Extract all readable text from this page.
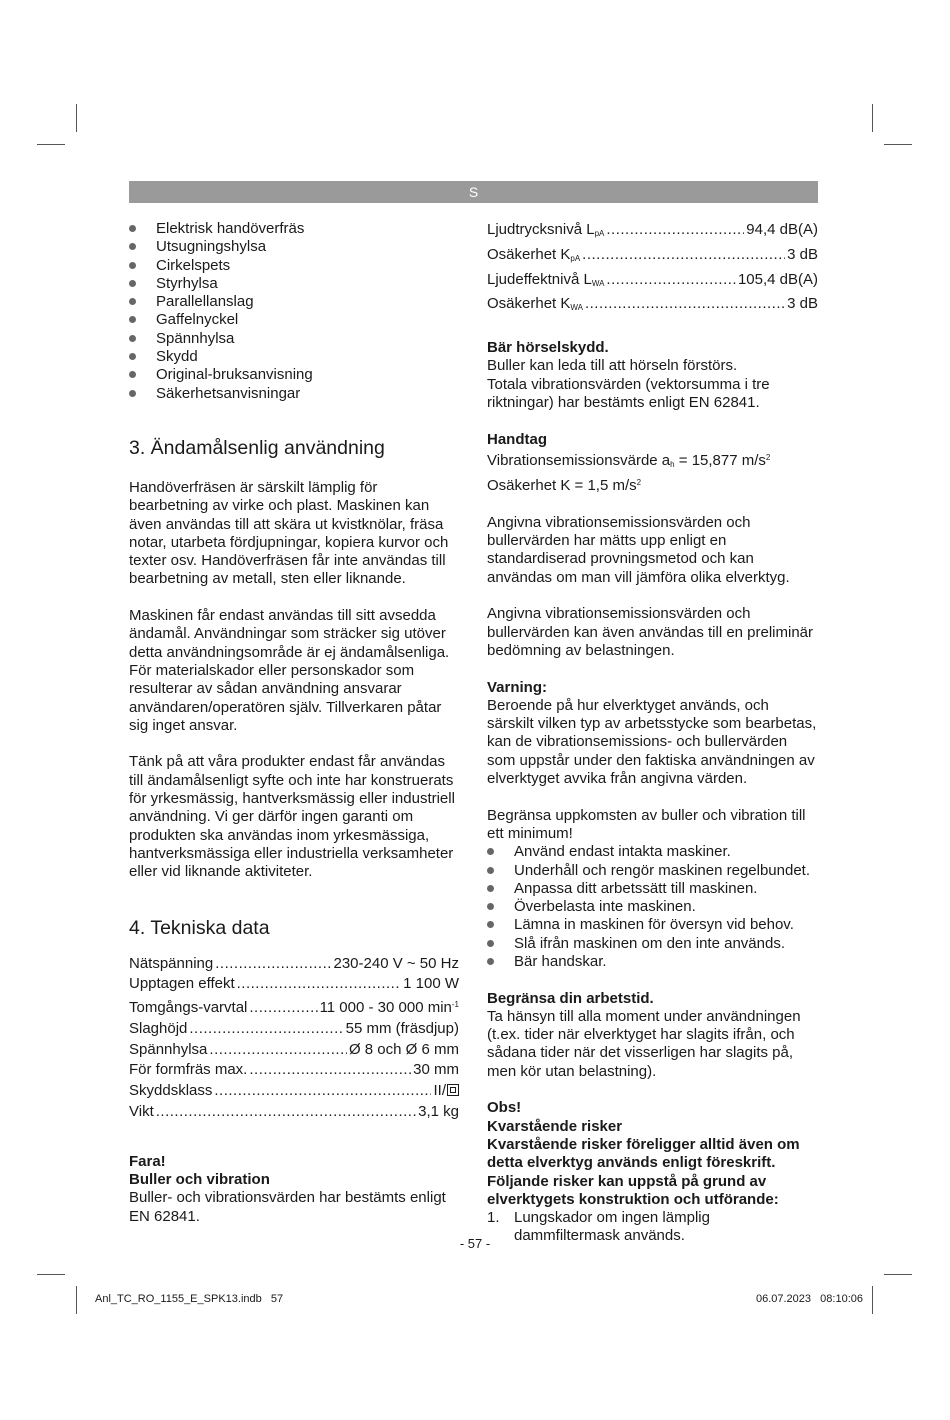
S
Elektrisk handöverfräs
Utsugningshylsa
Cirkelspets
Styrhylsa
Parallellanslag
Gaffelnyckel
Spännhylsa
Skydd
Original-bruksanvisning
Säkerhetsanvisningar
3. Ändamålsenlig användning

Handöverfräsen är särskilt lämplig för bearbetning av virke och plast. Maskinen kan även användas till att skära ut kvistknölar, fräsa notar, utarbeta fördjupningar, kopiera kurvor och texter osv. Handöverfräsen får inte användas till bearbetning av metall, sten eller liknande.

Maskinen får endast användas till sitt avsedda ändamål. Användningar som sträcker sig utöver detta användningsområde är ej ändamålsenliga. För materialskador eller personskador som resulterar av sådan användning ansvarar användaren/operatören själv. Tillverkaren påtar sig inget ansvar.

Tänk på att våra produkter endast får användas till ändamålsenligt syfte och inte har konstruerats för yrkesmässig, hantverksmässig eller industriell användning. Vi ger därför ingen garanti om produkten ska användas inom yrkesmässiga, hantverksmässiga eller industriella verksamheter eller vid liknande aktiviteter.

4. Tekniska data
Nätspänning .....	230-240 V ~ 50 Hz
Upptagen effekt .....	1 100 W
Tomgångs-varvtal .....	11 000 - 30 000 $\min^{-1}$
Slaghöjd .....	55 mm (fräsdjup)
Spännhylsa .....	Ø 8 och Ø 6 mm
För formfräs max. .....	30 mm
Skyddsklass .....	II/
Vikt .....	3,1 kg

Fara!

Buller och vibration

Buller- och vibrationsvärden har bestämts enligt EN 62841.

Ljudtrycksnivå $L_{pA}$ .....	94,4 dB(A)
Osäkerhet $K_{pA}$ .....	3 dB
Ljudeffektnivå $L_{WA}$ .....	105,4 dB(A)
Osäkerhet $K_{WA}$ .....	3 dB

Bär hörselskydd.

Buller kan leda till att hörseln förstörs.

Totala vibrationsvärden (vektorsumma i tre riktningar) har bestämts enligt EN 62841.

Handtag

Vibrationsemissionsvärde $a_h = 15,877$ $m/s^2$

Osäkerhet K = 1,5 $m/s^2$

Angivna vibrationsemissionsvärden och bullervärden har mätts upp enligt en standardiserad provningsmetod och kan användas om man vill jämföra olika elverktyg.

Angivna vibrationsemissionsvärden och bullervärden kan även användas till en preliminär bedömning av belastningen.

Varning:

Beroende på hur elverktyget används, och särskilt vilken typ av arbetsstycke som bearbetas, kan de vibrationsemissions- och bullervärden som uppstår under den faktiska användningen av elverktyget avvika från angivna värden.

Begränsa uppkomsten av buller och vibration till ett minimum!

Använd endast intakta maskiner.
Underhåll och rengör maskinen regelbundet.
Anpassa ditt arbetssätt till maskinen.
Överbelasta inte maskinen.
Lämna in maskinen för översyn vid behov.
Slå ifrån maskinen om den inte används.
Bär handskar.

Begränsa din arbetstid.

Ta hänsyn till alla moment under användningen (t.ex. tider när elverktyget har slagits ifrån, och sådana tider när det visserligen har slagits på, men kör utan belastning).

Obs!

Kvarstående risker

Kvarstående risker föreligger alltid även om detta elverktyg används enligt föreskrift. Följande risker kan uppstå på grund av elverktygets konstruktion och utförande:

1. Lungskador om ingen lämplig dammfiltermask används.
- 57 -
Anl_TC_RO_1155_E_SPK13.indb   57	06.07.2023   08:10:06
